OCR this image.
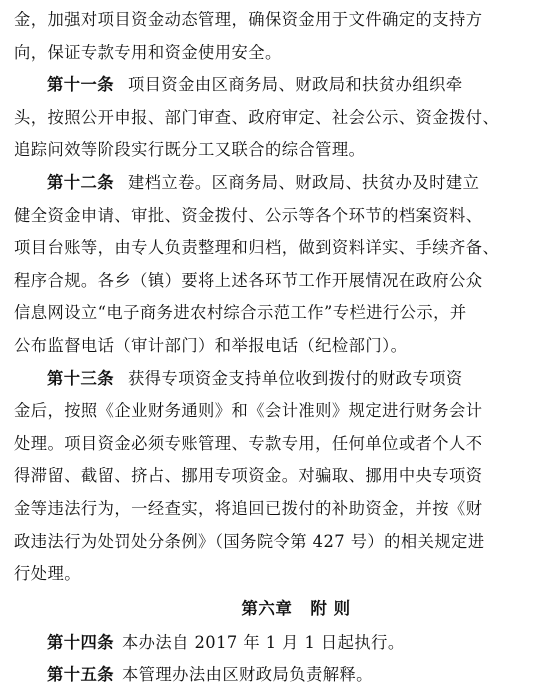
金，加强对项目资金动态管理，确保资金用于文件确定的支持方
向，保证专款专用和资金使用安全。
第十一条 项目资金由区商务局、财政局和扶贫办组织牵
头，按照公开申报、部门审查、政府审定、社会公示、资金拨付、
追踪问效等阶段实行既分工又联合的综合管理。
第十二条 建档立卷。区商务局、财政局、扶贫办及时建立
健全资金申请、审批、资金拨付、公示等各个环节的档案资料、
项目台账等，由专人负责整理和归档，做到资料详实、手续齐备、
程序合规。各乡（镇）要将上述各环节工作开展情况在政府公众
信息网设立“电子商务进农村综合示范工作”专栏进行公示，并
公布监督电话（审计部门）和举报电话（纪检部门）。
第十三条 获得专项资金支持单位收到拨付的财政专项资
金后，按照《企业财务通则》和《会计准则》规定进行财务会计
处理。项目资金必须专账管理、专款专用，任何单位或者个人不
得滞留、截留、挤占、挪用专项资金。对骗取、挪用中央专项资
金等违法行为，一经查实，将追回已拨付的补助资金，并按《财
政违法行为处罚处分条例》（国务院令第 427 号）的相关规定进
行处理。
第六章 附 则
第十四条 本办法自 2017 年 1 月 1 日起执行。
第十五条 本管理办法由区财政局负责解释。
